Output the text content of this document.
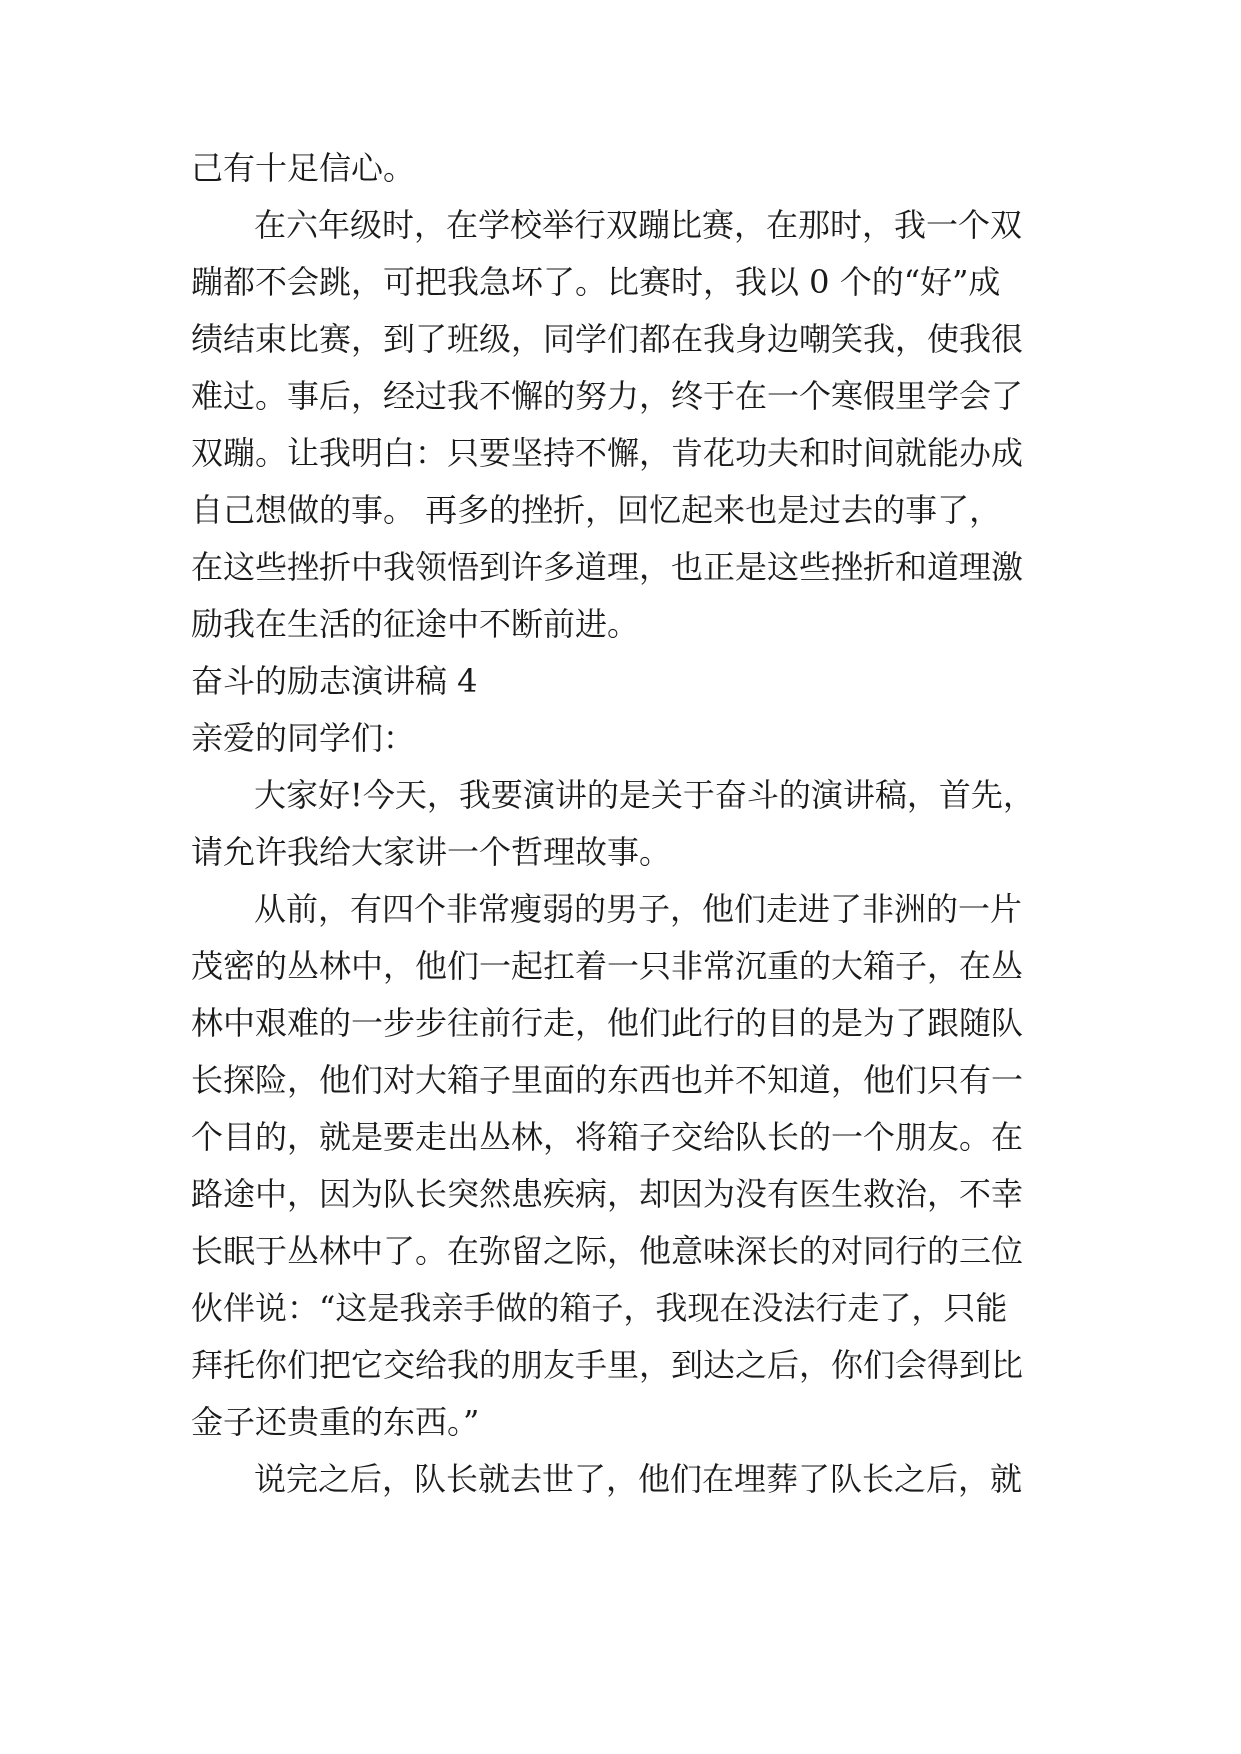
己有十足信心。

在六年级时，在学校举行双蹦比赛，在那时，我一个双

蹦都不会跳，可把我急坏了。比赛时，我以 0 个的“好”成

绩结束比赛，到了班级，同学们都在我身边嘲笑我，使我很

难过。事后，经过我不懈的努力，终于在一个寒假里学会了

双蹦。让我明白：只要坚持不懈，肯花功夫和时间就能办成

自己想做的事。 再多的挫折，回忆起来也是过去的事了，

在这些挫折中我领悟到许多道理，也正是这些挫折和道理激

励我在生活的征途中不断前进。

奋斗的励志演讲稿 4

亲爱的同学们：

大家好!今天，我要演讲的是关于奋斗的演讲稿，首先，

请允许我给大家讲一个哲理故事。

从前，有四个非常瘦弱的男子，他们走进了非洲的一片

茂密的丛林中，他们一起扛着一只非常沉重的大箱子，在丛

林中艰难的一步步往前行走，他们此行的目的是为了跟随队

长探险，他们对大箱子里面的东西也并不知道，他们只有一

个目的，就是要走出丛林，将箱子交给队长的一个朋友。在

路途中，因为队长突然患疾病，却因为没有医生救治，不幸

长眠于丛林中了。在弥留之际，他意味深长的对同行的三位

伙伴说：“这是我亲手做的箱子，我现在没法行走了，只能

拜托你们把它交给我的朋友手里，到达之后，你们会得到比

金子还贵重的东西。”

说完之后，队长就去世了，他们在埋葬了队长之后，就
